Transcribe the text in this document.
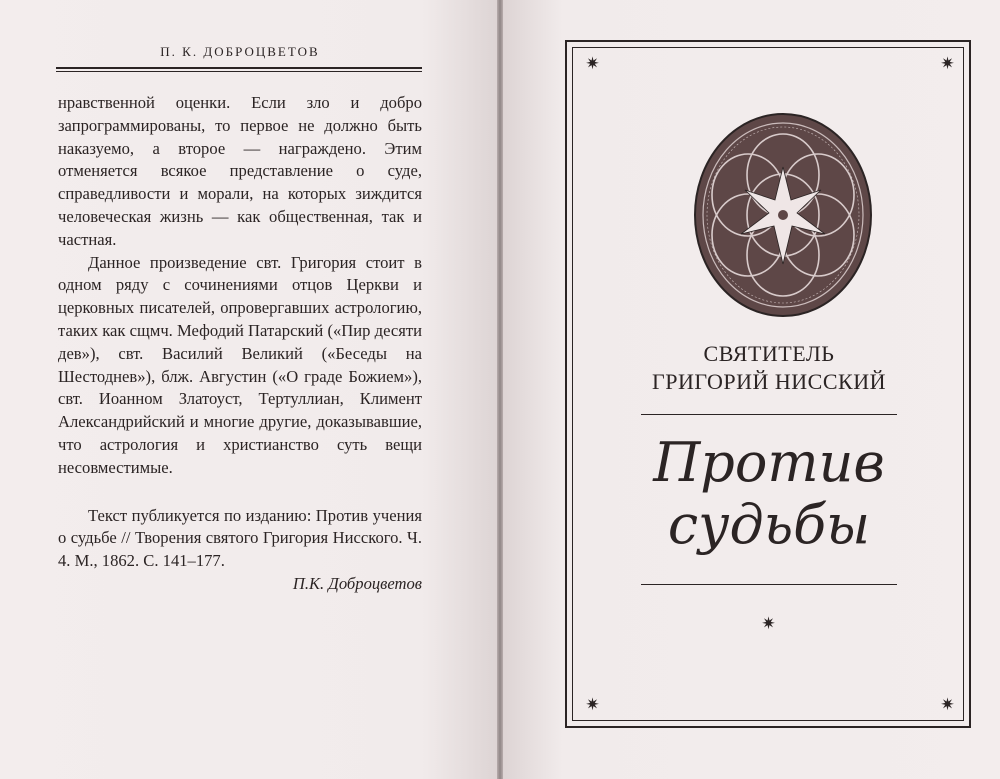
П. К. ДОБРОЦВЕТОВ

нравственной оценки. Если зло и добро запрограммированы, то первое не должно быть наказуемо, а второе — награждено. Этим отменяется всякое представление о суде, справедливости и морали, на которых зиждится человеческая жизнь — как общественная, так и частная.

Данное произведение свт. Григория стоит в одном ряду с сочинениями отцов Церкви и церковных писателей, опровергавших астрологию, таких как сщмч. Мефодий Патарский («Пир десяти дев»), свт. Василий Великий («Беседы на Шестоднев»), блж. Августин («О граде Божием»), свт. Иоанном Златоуст, Тертуллиан, Климент Александрийский и многие другие, доказывавшие, что астрология и христианство суть вещи несовместимые.

Текст публикуется по изданию: Против учения о судьбе // Творения святого Григория Нисского. Ч. 4. М., 1862. С. 141–177.

П.К. Доброцветов

✷	✷
✷	✷
СВЯТИТЕЛЬ
ГРИГОРИЙ НИССКИЙ
Против
судьбы
✷
